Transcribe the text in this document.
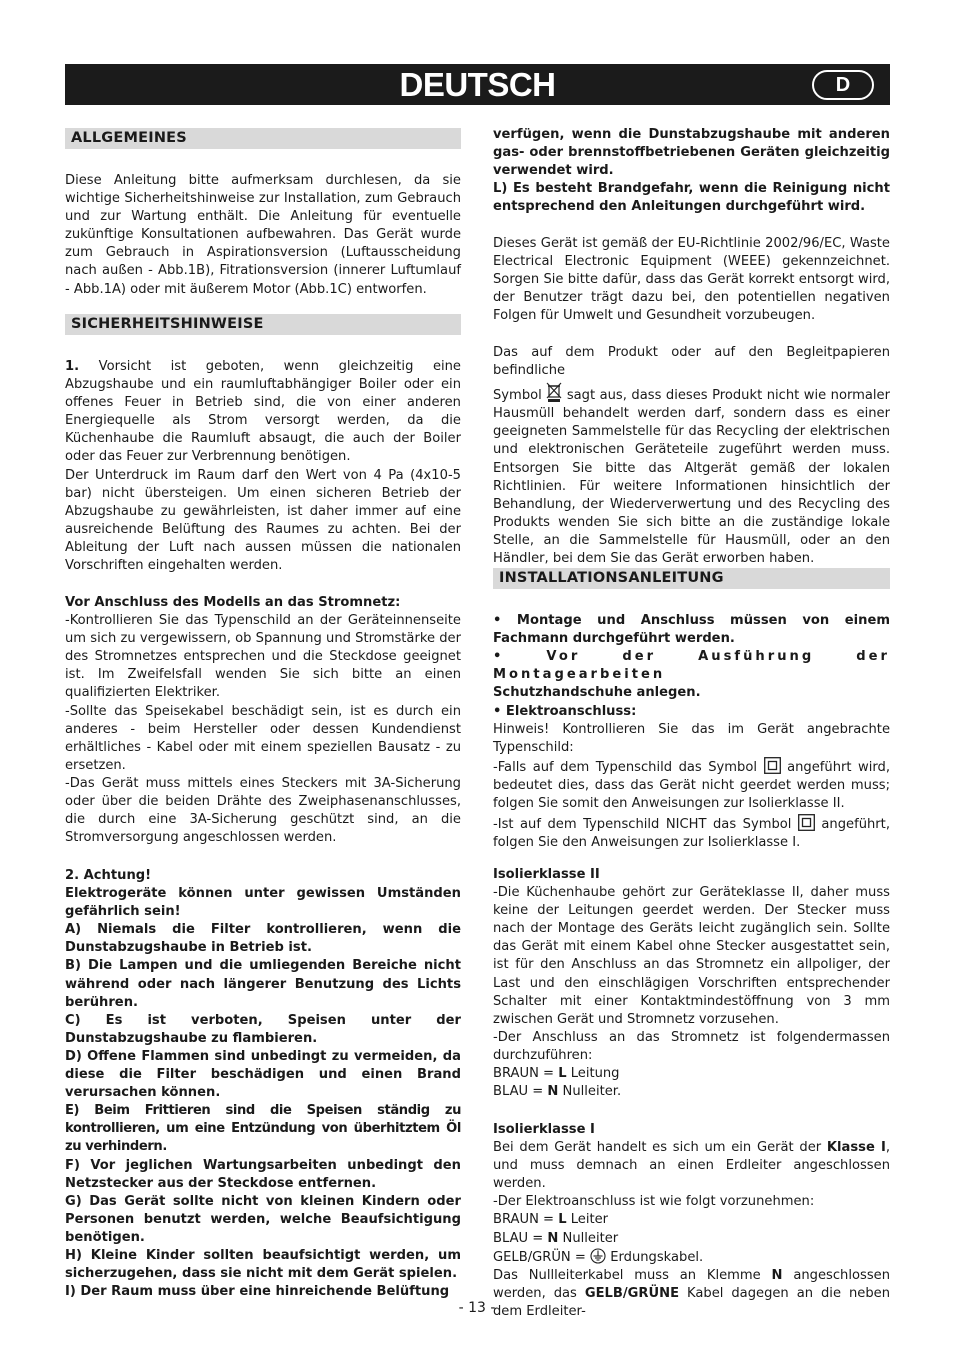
DEUTSCH	D
ALLGEMEINES
Diese Anleitung bitte aufmerksam durchlesen, da sie wichtige Sicherheitshinweise zur Installation, zum Gebrauch und zur Wartung enthält. Die Anleitung für eventuelle zukünftige Konsultationen aufbewahren. Das Gerät wurde zum Gebrauch in Aspirationsversion (Luftausscheidung nach außen - Abb.1B), Fitrationsversion (innerer Luftumlauf - Abb.1A) oder mit äußerem Motor (Abb.1C) entworfen.
SICHERHEITSHINWEISE

1. Vorsicht ist geboten, wenn gleichzeitig eine Abzugshaube und ein raumluftabhängiger Boiler oder ein offenes Feuer in Betrieb sind, die von einer anderen Energiequelle als Strom versorgt werden, da die Küchenhaube die Raumluft absaugt, die auch der Boiler oder das Feuer zur Verbrennung benötigen.

Der Unterdruck im Raum darf den Wert von 4 Pa (4x10-5 bar) nicht übersteigen. Um einen sicheren Betrieb der Abzugshaube zu gewährleisten, ist daher immer auf eine ausreichende Belüftung des Raumes zu achten. Bei der Ableitung der Luft nach aussen müssen die nationalen Vorschriften eingehalten werden.

Vor Anschluss des Modells an das Stromnetz:

-Kontrollieren Sie das Typenschild an der Geräteinnenseite um sich zu vergewissern, ob Spannung und Stromstärke der des Stromnetzes entsprechen und die Steckdose geeignet ist. Im Zweifelsfall wenden Sie sich bitte an einen qualifizierten Elektriker.

-Sollte das Speisekabel beschädigt sein, ist es durch ein anderes - beim Hersteller oder dessen Kundendienst erhältliches - Kabel oder mit einem speziellen Bausatz - zu ersetzen.

-Das Gerät muss mittels eines Steckers mit 3A-Sicherung oder über die beiden Drähte des Zweiphasenanschlusses, die durch eine 3A-Sicherung geschützt sind, an die Stromversorgung angeschlossen werden.

2. Achtung!

Elektrogeräte können unter gewissen Umständen gefährlich sein!

A) Niemals die Filter kontrollieren, wenn die Dunstabzugshaube in Betrieb ist.

B) Die Lampen und die umliegenden Bereiche nicht während oder nach längerer Benutzung des Lichts berühren.

C) Es ist verboten, Speisen unter der Dunstabzugshaube zu flambieren.

D) Offene Flammen sind unbedingt zu vermeiden, da diese die Filter beschädigen und einen Brand verursachen können.

E) Beim Frittieren sind die Speisen ständig zu kontrollieren, um eine Entzündung von überhitztem Öl zu verhindern.

F) Vor jeglichen Wartungsarbeiten unbedingt den Netzstecker aus der Steckdose entfernen.

G) Das Gerät sollte nicht von kleinen Kindern oder Personen benutzt werden, welche Beaufsichtigung benötigen.

H) Kleine Kinder sollten beaufsichtigt werden, um sicherzugehen, dass sie nicht mit dem Gerät spielen.

I) Der Raum muss über eine hinreichende Belüftung

verfügen, wenn die Dunstabzugshaube mit anderen gas- oder brennstoffbetriebenen Geräten gleichzeitig verwendet wird.

L) Es besteht Brandgefahr, wenn die Reinigung nicht entsprechend den Anleitungen durchgeführt wird.

Dieses Gerät ist gemäß der EU-Richtlinie 2002/96/EC, Waste Electrical Electronic Equipment (WEEE) gekennzeichnet. Sorgen Sie bitte dafür, dass das Gerät korrekt entsorgt wird, der Benutzer trägt dazu bei, den potentiellen negativen Folgen für Umwelt und Gesundheit vorzubeugen.

Das auf dem Produkt oder auf den Begleitpapieren befindliche

Symbol  sagt aus, dass dieses Produkt nicht wie normaler Hausmüll behandelt werden darf, sondern dass es einer geeigneten Sammelstelle für das Recycling der elektrischen und elektronischen Geräteteile zugeführt werden muss. Entsorgen Sie bitte das Altgerät gemäß der lokalen Richtlinien. Für weitere Informationen hinsichtlich der Behandlung, der Wiederverwertung und des Recycling des Produkts wenden Sie sich bitte an die zuständige lokale Stelle, an die Sammelstelle für Hausmüll, oder an den Händler, bei dem Sie das Gerät erworben haben.

INSTALLATIONSANLEITUNG

• Montage und Anschluss müssen von einem Fachmann durchgeführt werden.

• Vor der Ausführung der Montagearbeiten

Schutzhandschuhe anlegen.

• Elektroanschluss:

Hinweis! Kontrollieren Sie das im Gerät angebrachte Typenschild:

-Falls auf dem Typenschild das Symbol  angeführt wird, bedeutet dies, dass das Gerät nicht geerdet werden muss; folgen Sie somit den Anweisungen zur Isolierklasse II.

-Ist auf dem Typenschild NICHT das Symbol  angeführt, folgen Sie den Anweisungen zur Isolierklasse I.

Isolierklasse II

-Die Küchenhaube gehört zur Geräteklasse II, daher muss keine der Leitungen geerdet werden. Der Stecker muss nach der Montage des Geräts leicht zugänglich sein. Sollte das Gerät mit einem Kabel ohne Stecker ausgestattet sein, ist für den Anschluss an das Stromnetz ein allpoliger, der Last und den einschlägigen Vorschriften entsprechender Schalter mit einer Kontaktmindestöffnung von 3 mm zwischen Gerät und Stromnetz vorzusehen.

-Der Anschluss an das Stromnetz ist folgendermassen durchzuführen:

BRAUN = L Leitung

BLAU = N Nulleiter.

Isolierklasse I

Bei dem Gerät handelt es sich um ein Gerät der Klasse I, und muss demnach an einen Erdleiter angeschlossen werden.

-Der Elektroanschluss ist wie folgt vorzunehmen:

BRAUN = L Leiter

BLAU = N Nulleiter

GELB/GRÜN =  Erdungskabel.

Das Nullleiterkabel muss an Klemme N angeschlossen werden, das GELB/GRÜNE Kabel dagegen an die neben dem Erdleiter-

- 13 -
